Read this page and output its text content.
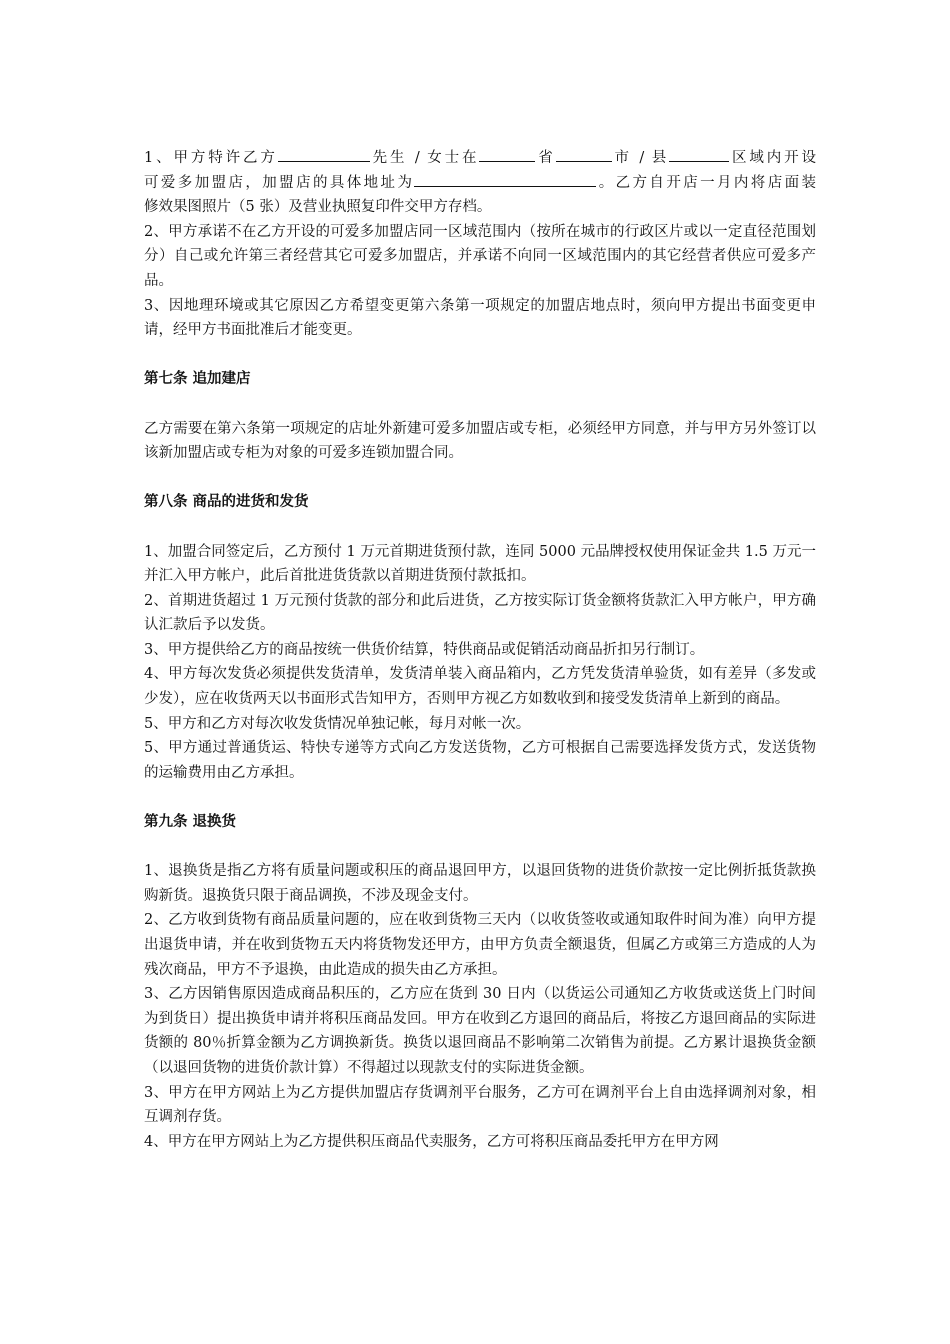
1、甲方特许乙方	先生 / 女士在	省	市 / 县	区域内开设

可爱多加盟店，加盟店的具体地址为	。乙方自开店一月内将店面装

修效果图照片（5 张）及营业执照复印件交甲方存档。

2、甲方承诺不在乙方开设的可爱多加盟店同一区域范围内（按所在城市的行政区片或以一定直径范围划分）自己或允许第三者经营其它可爱多加盟店，并承诺不向同一区域范围内的其它经营者供应可爱多产品。

3、因地理环境或其它原因乙方希望变更第六条第一项规定的加盟店地点时，须向甲方提出书面变更申请，经甲方书面批准后才能变更。

第七条 追加建店

乙方需要在第六条第一项规定的店址外新建可爱多加盟店或专柜，必须经甲方同意，并与甲方另外签订以该新加盟店或专柜为对象的可爱多连锁加盟合同。

第八条 商品的进货和发货

1、加盟合同签定后，乙方预付 1 万元首期进货预付款，连同 5000 元品牌授权使用保证金共 1.5 万元一并汇入甲方帐户，此后首批进货货款以首期进货预付款抵扣。

2、首期进货超过 1 万元预付货款的部分和此后进货，乙方按实际订货金额将货款汇入甲方帐户，甲方确认汇款后予以发货。

3、甲方提供给乙方的商品按统一供货价结算，特供商品或促销活动商品折扣另行制订。

4、甲方每次发货必须提供发货清单，发货清单装入商品箱内，乙方凭发货清单验货，如有差异（多发或少发），应在收货两天以书面形式告知甲方，否则甲方视乙方如数收到和接受发货清单上新到的商品。

5、甲方和乙方对每次收发货情况单独记帐，每月对帐一次。

5、甲方通过普通货运、特快专递等方式向乙方发送货物，乙方可根据自己需要选择发货方式，发送货物的运输费用由乙方承担。

第九条 退换货

1、退换货是指乙方将有质量问题或积压的商品退回甲方，以退回货物的进货价款按一定比例折抵货款换购新货。退换货只限于商品调换，不涉及现金支付。

2、乙方收到货物有商品质量问题的，应在收到货物三天内（以收货签收或通知取件时间为准）向甲方提出退货申请，并在收到货物五天内将货物发还甲方，由甲方负责全额退货，但属乙方或第三方造成的人为残次商品，甲方不予退换，由此造成的损失由乙方承担。

3、乙方因销售原因造成商品积压的，乙方应在货到 30 日内（以货运公司通知乙方收货或送货上门时间为到货日）提出换货申请并将积压商品发回。甲方在收到乙方退回的商品后，将按乙方退回商品的实际进货额的 80％折算金额为乙方调换新货。换货以退回商品不影响第二次销售为前提。乙方累计退换货金额（以退回货物的进货价款计算）不得超过以现款支付的实际进货金额。

3、甲方在甲方网站上为乙方提供加盟店存货调剂平台服务，乙方可在调剂平台上自由选择调剂对象，相互调剂存货。

4、甲方在甲方网站上为乙方提供积压商品代卖服务，乙方可将积压商品委托甲方在甲方网
